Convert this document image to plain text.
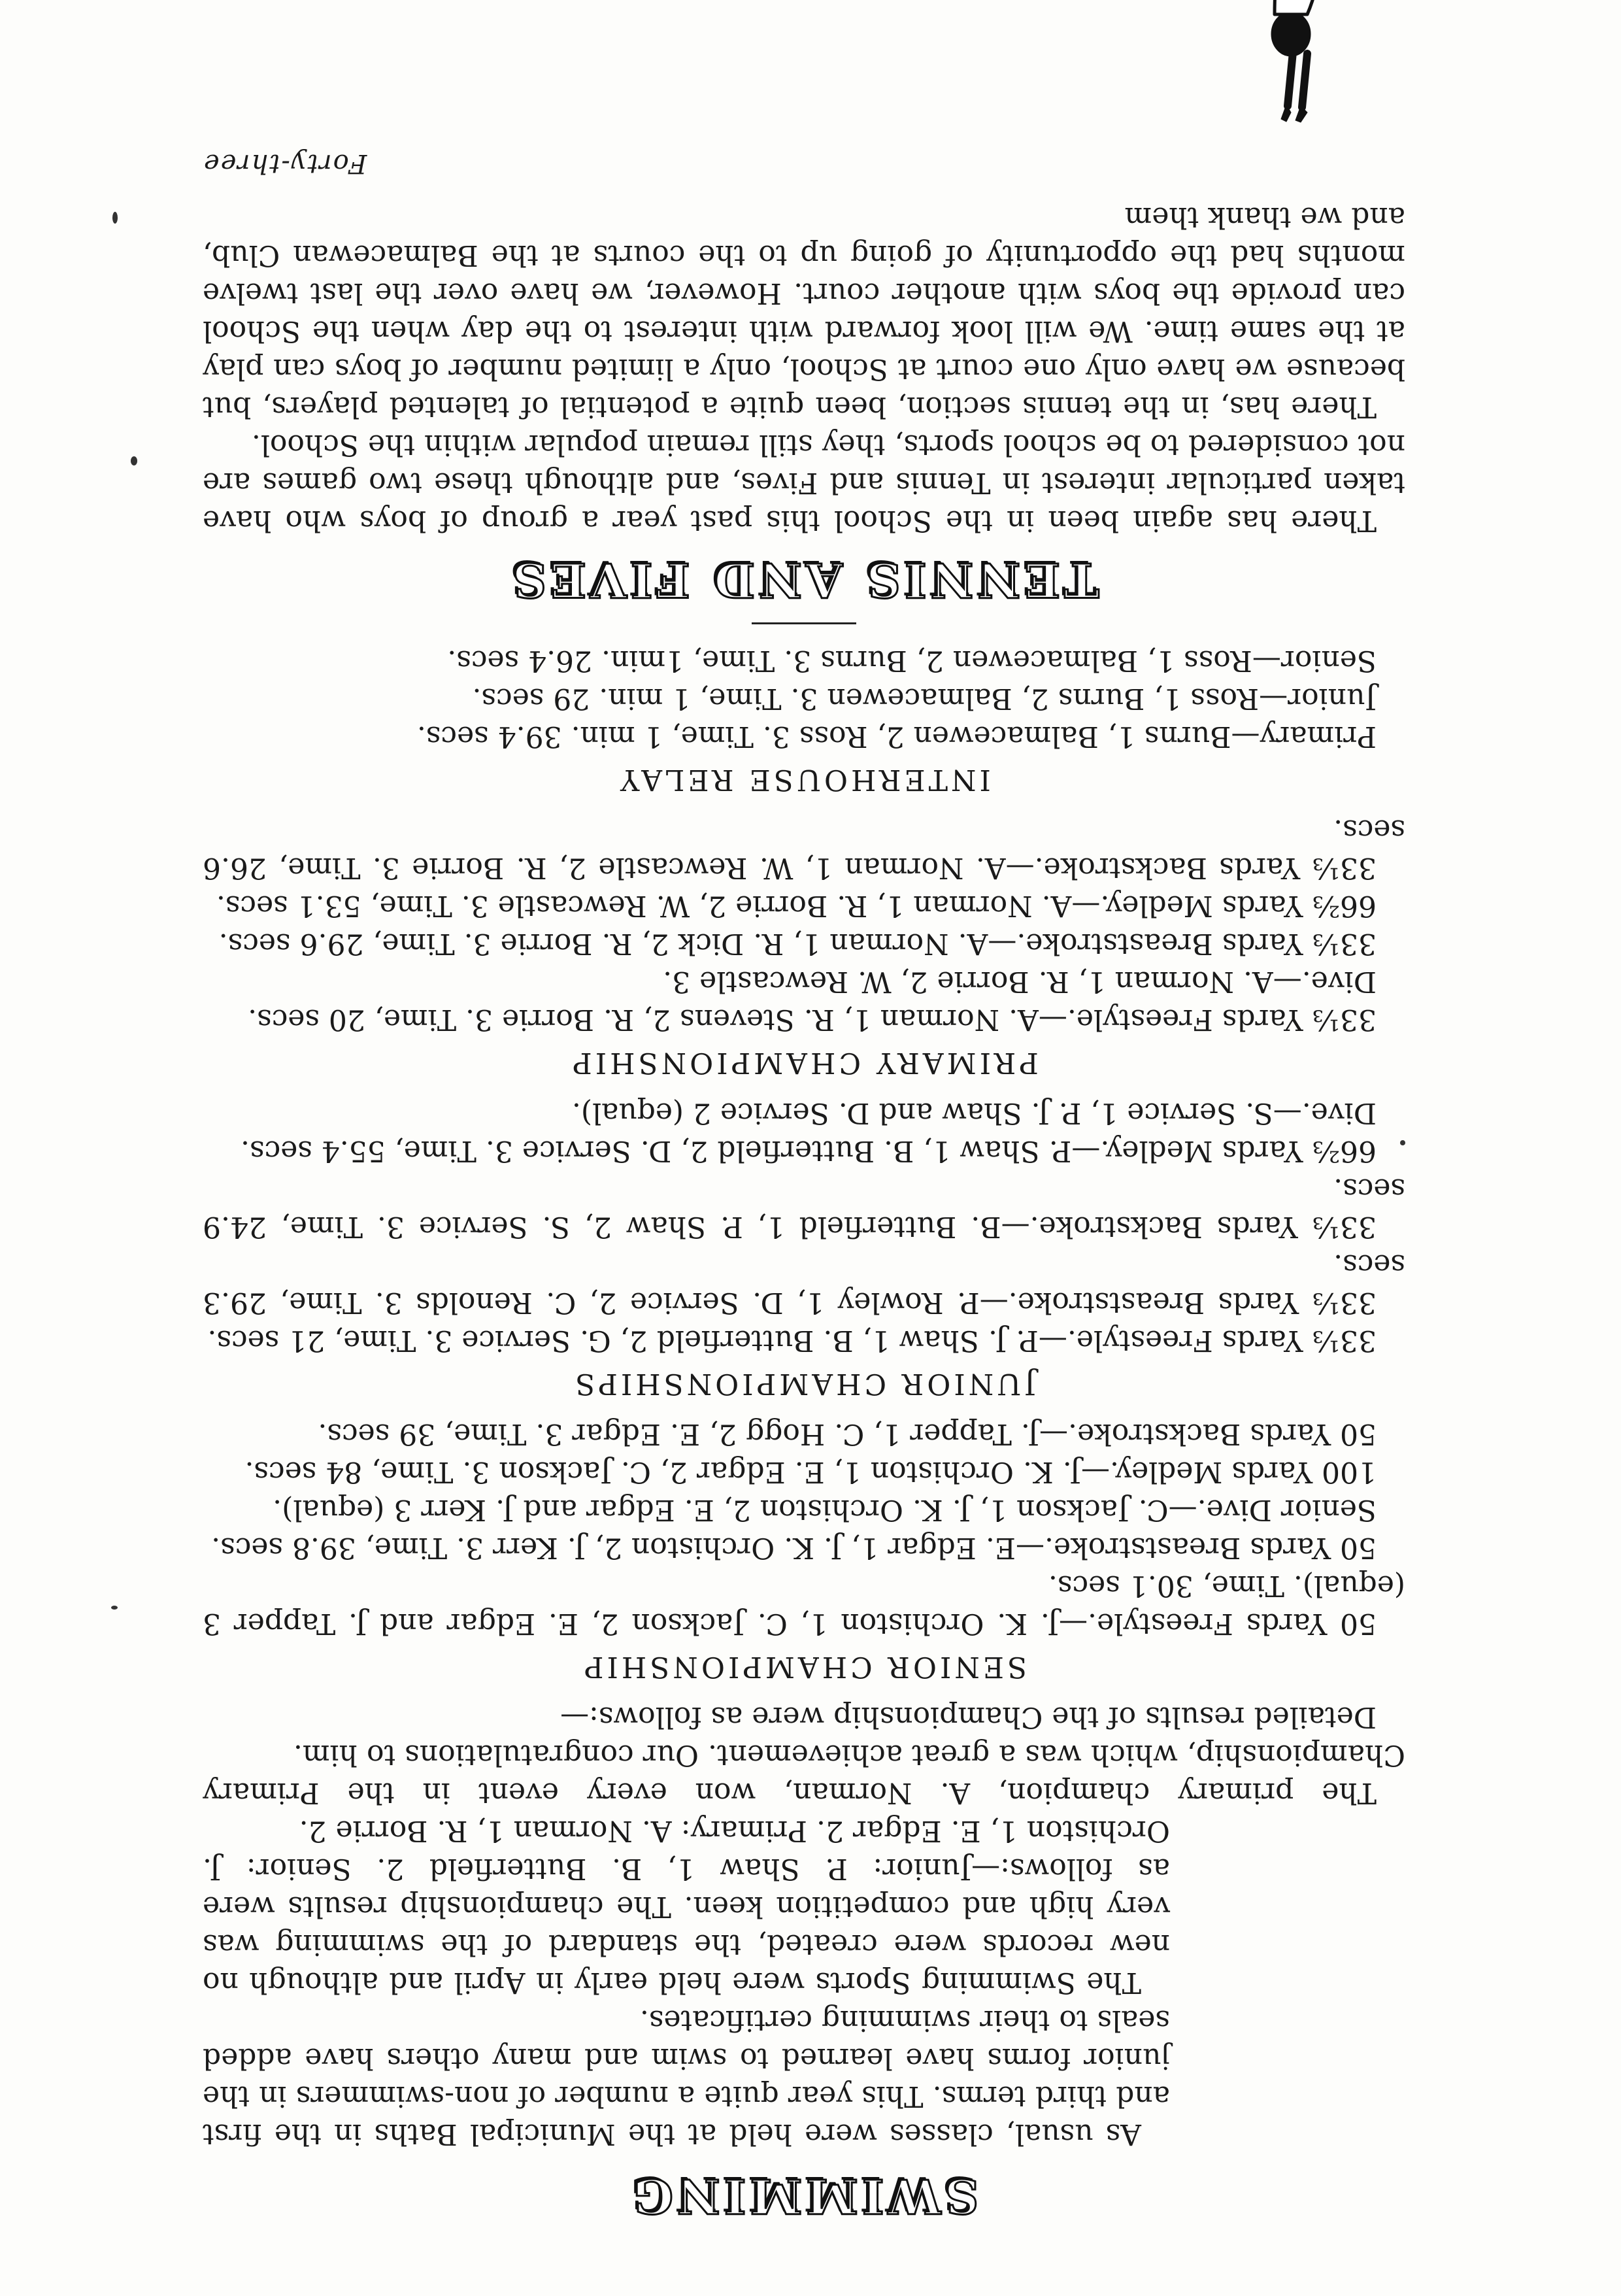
SWIMMING

As usual, classes were held at the Municipal Baths in the first and third terms. This year quite a number of non-swimmers in the junior forms have learned to swim and many others have added seals to their swimming certificates.

The Swimming Sports were held early in April and although no new records were created, the standard of the swimming was very high and competition keen. The championship results were as follows:—Junior: P. Shaw 1, B. Butterfield 2. Senior: J. Orchiston 1, E. Edgar 2. Primary: A. Norman 1, R. Borrie 2.

The primary champion, A. Norman, won every event in the Primary Championship, which was a great achievement. Our congratulations to him.

Detailed results of the Championship were as follows:—

SENIOR CHAMPIONSHIP

50 Yards Freestyle.—J. K. Orchiston 1, C. Jackson 2, E. Edgar and J. Tapper 3 (equal). Time, 30.1 secs.

50 Yards Breaststroke.—E. Edgar 1, J. K. Orchiston 2, J. Kerr 3. Time, 39.8 secs.

Senior Dive.—C. Jackson 1, J. K. Orchiston 2, E. Edgar and J. Kerr 3 (equal).

100 Yards Medley.—J. K. Orchiston 1, E. Edgar 2, C. Jackson 3. Time, 84 secs.

50 Yards Backstroke.—J. Tapper 1, C. Hogg 2, E. Edgar 3. Time, 39 secs.

JUNIOR CHAMPIONSHIPS

33⅓ Yards Freestyle.—P. J. Shaw 1, B. Butterfield 2, G. Service 3. Time, 21 secs.

33⅓ Yards Breaststroke.—P. Rowley 1, D. Service 2, C. Renolds 3. Time, 29.3 secs.

33⅓ Yards Backstroke.—B. Butterfield 1, P. Shaw 2, S. Service 3. Time, 24.9 secs.

66⅔ Yards Medley.—P. Shaw 1, B. Butterfield 2, D. Service 3. Time, 55.4 secs.

Dive.—S. Service 1, P. J. Shaw and D. Service 2 (equal).

PRIMARY CHAMPIONSHIP

33⅓ Yards Freestyle.—A. Norman 1, R. Stevens 2, R. Borrie 3. Time, 20 secs.

Dive.—A. Norman 1, R. Borrie 2, W. Rewcastle 3.

33⅓ Yards Breaststroke.—A. Norman 1, R. Dick 2, R. Borrie 3. Time, 29.6 secs.

66⅔ Yards Medley.—A. Norman 1, R. Borrie 2, W. Rewcastle 3. Time, 53.1 secs.

33⅓ Yards Backstroke.—A. Norman 1, W. Rewcastle 2, R. Borrie 3. Time, 26.6 secs.

INTERHOUSE RELAY

Primary—Burns 1, Balmacewen 2, Ross 3. Time, 1 min. 39.4 secs.

Junior—Ross 1, Burns 2, Balmacewen 3. Time, 1 min. 29 secs.

Senior—Ross 1, Balmacewen 2, Burns 3. Time, 1min. 26.4 secs.

TENNIS AND FIVES

There has again been in the School this past year a group of boys who have taken particular interest in Tennis and Fives, and although these two games are not considered to be school sports, they still remain popular within the School.

There has, in the tennis section, been quite a potential of talented players, but because we have only one court at School, only a limited number of boys can play at the same time. We will look forward with interest to the day when the School can provide the boys with another court. However, we have over the last twelve months had the opportunity of going up to the courts at the Balmacewan Club, and we thank them

Forty-three
